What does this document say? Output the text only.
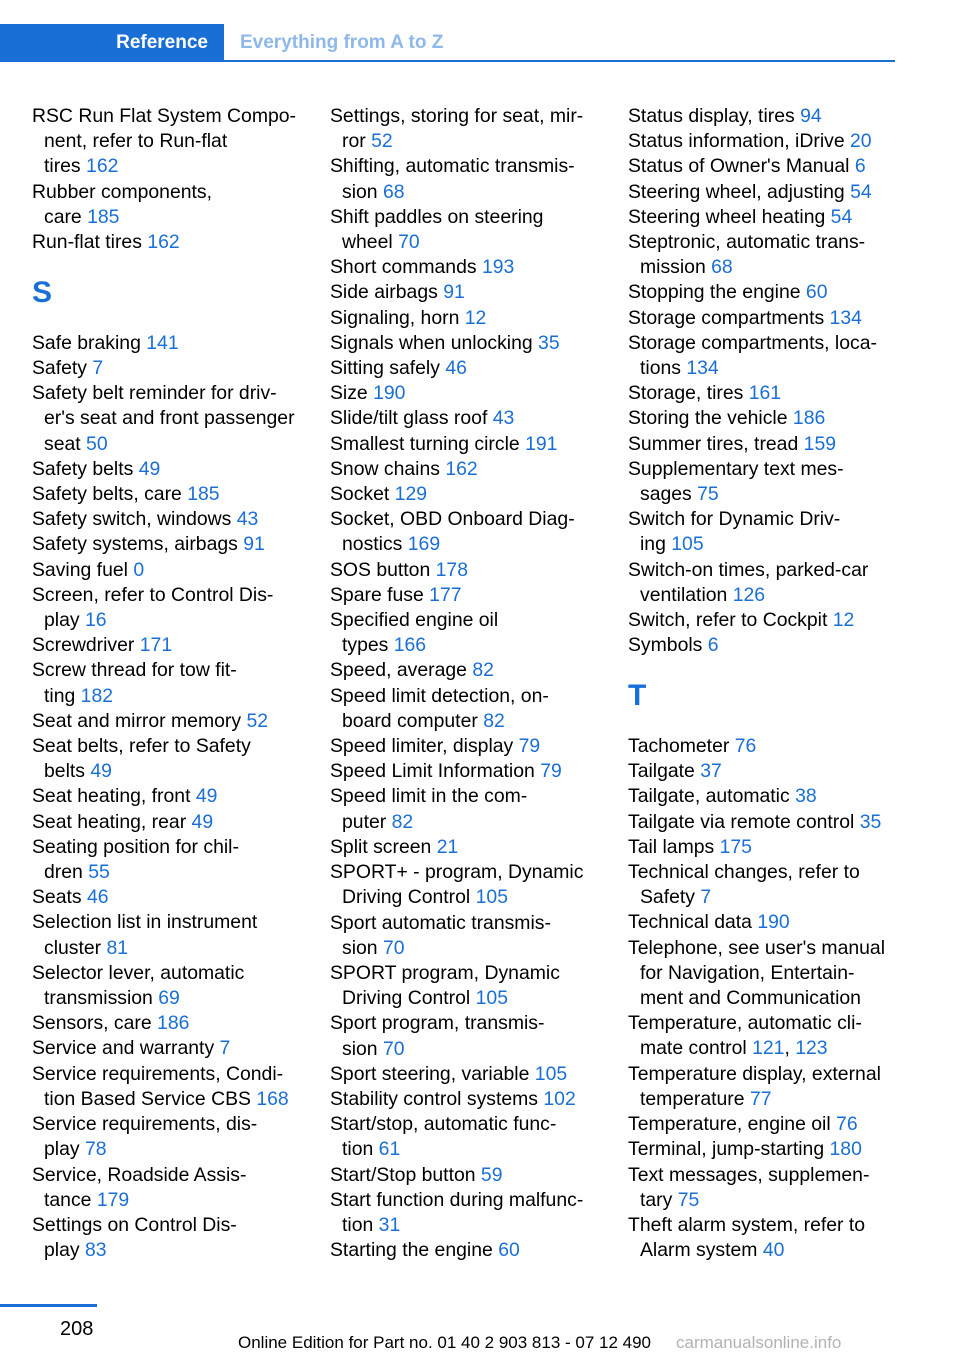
Reference	Everything from A to Z
RSC Run Flat System Compo-
nent, refer to Run-flat
tires 162
Rubber components,
care 185
Run-flat tires 162
S
Safe braking 141
Safety 7
Safety belt reminder for driv-
er's seat and front passenger
seat 50
Safety belts 49
Safety belts, care 185
Safety switch, windows 43
Safety systems, airbags 91
Saving fuel 0
Screen, refer to Control Dis-
play 16
Screwdriver 171
Screw thread for tow fit-
ting 182
Seat and mirror memory 52
Seat belts, refer to Safety
belts 49
Seat heating, front 49
Seat heating, rear 49
Seating position for chil-
dren 55
Seats 46
Selection list in instrument
cluster 81
Selector lever, automatic
transmission 69
Sensors, care 186
Service and warranty 7
Service requirements, Condi-
tion Based Service CBS 168
Service requirements, dis-
play 78
Service, Roadside Assis-
tance 179
Settings on Control Dis-
play 83
Settings, storing for seat, mir-
ror 52
Shifting, automatic transmis-
sion 68
Shift paddles on steering
wheel 70
Short commands 193
Side airbags 91
Signaling, horn 12
Signals when unlocking 35
Sitting safely 46
Size 190
Slide/tilt glass roof 43
Smallest turning circle 191
Snow chains 162
Socket 129
Socket, OBD Onboard Diag-
nostics 169
SOS button 178
Spare fuse 177
Specified engine oil
types 166
Speed, average 82
Speed limit detection, on-
board computer 82
Speed limiter, display 79
Speed Limit Information 79
Speed limit in the com-
puter 82
Split screen 21
SPORT+ - program, Dynamic
Driving Control 105
Sport automatic transmis-
sion 70
SPORT program, Dynamic
Driving Control 105
Sport program, transmis-
sion 70
Sport steering, variable 105
Stability control systems 102
Start/stop, automatic func-
tion 61
Start/Stop button 59
Start function during malfunc-
tion 31
Starting the engine 60
Status display, tires 94
Status information, iDrive 20
Status of Owner's Manual 6
Steering wheel, adjusting 54
Steering wheel heating 54
Steptronic, automatic trans-
mission 68
Stopping the engine 60
Storage compartments 134
Storage compartments, loca-
tions 134
Storage, tires 161
Storing the vehicle 186
Summer tires, tread 159
Supplementary text mes-
sages 75
Switch for Dynamic Driv-
ing 105
Switch-on times, parked-car
ventilation 126
Switch, refer to Cockpit 12
Symbols 6
T
Tachometer 76
Tailgate 37
Tailgate, automatic 38
Tailgate via remote control 35
Tail lamps 175
Technical changes, refer to
Safety 7
Technical data 190
Telephone, see user's manual
for Navigation, Entertain-
ment and Communication
Temperature, automatic cli-
mate control 121, 123
Temperature display, external
temperature 77
Temperature, engine oil 76
Terminal, jump-starting 180
Text messages, supplemen-
tary 75
Theft alarm system, refer to
Alarm system 40
208
Online Edition for Part no. 01 40 2 903 813 - 07 12 490 carmanualsonline.info
